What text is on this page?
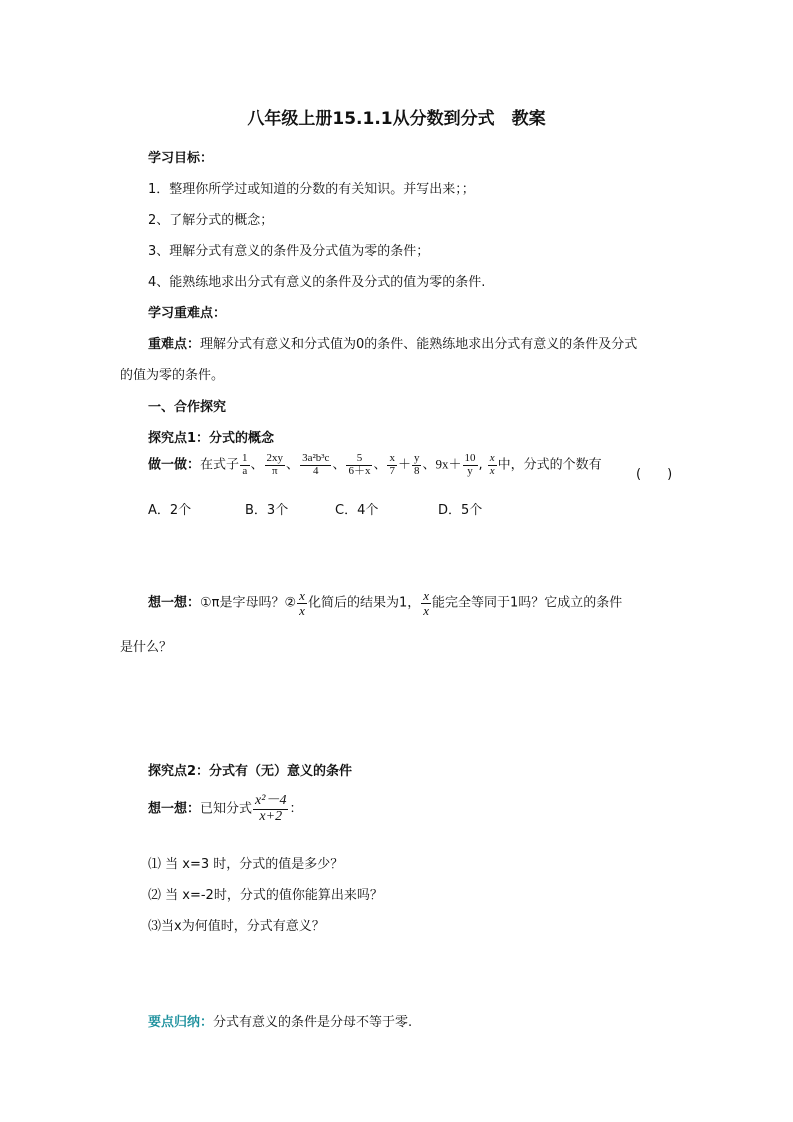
八年级上册15.1.1从分数到分式　教案
学习目标：
1．整理你所学过或知道的分数的有关知识。并写出来；；
2、了解分式的概念；
3、理解分式有意义的条件及分式值为零的条件；
4、能熟练地求出分式有意义的条件及分式的值为零的条件.
学习重难点：
重难点：理解分式有意义和分式值为0的条件、能熟练地求出分式有意义的条件及分式
的值为零的条件。
一、合作探究
探究点1：分式的概念
做一做：在式子 $\frac{1}{a}$ 、 $\frac{2xy}{\pi}$ 、 $\frac{\text{3a²b³c}}{4}$ 、 $\frac{5}{6+x}$ 、 $\frac{x}{7} + \frac{y}{8}$ 、$9x+ \frac{10}{y}$ , $\frac{x}{x}$ 中，分式的个数有
(　　)
A．2个	B．3个	C．4个	D．5个
想一想：①π是字母吗？② $\frac{x}{x}$ 化简后的结果为1， $\frac{x}{x}$ 能完全等同于1吗？它成立的条件
是什么？
探究点2：分式有（无）意义的条件
想一想：已知分式 $\frac{\text{x²－4}}{x+2}$ ：
⑴ 当 x=3 时，分式的值是多少？
⑵ 当 x=-2时，分式的值你能算出来吗？
⑶当x为何值时，分式有意义？
要点归纳：分式有意义的条件是分母不等于零.
